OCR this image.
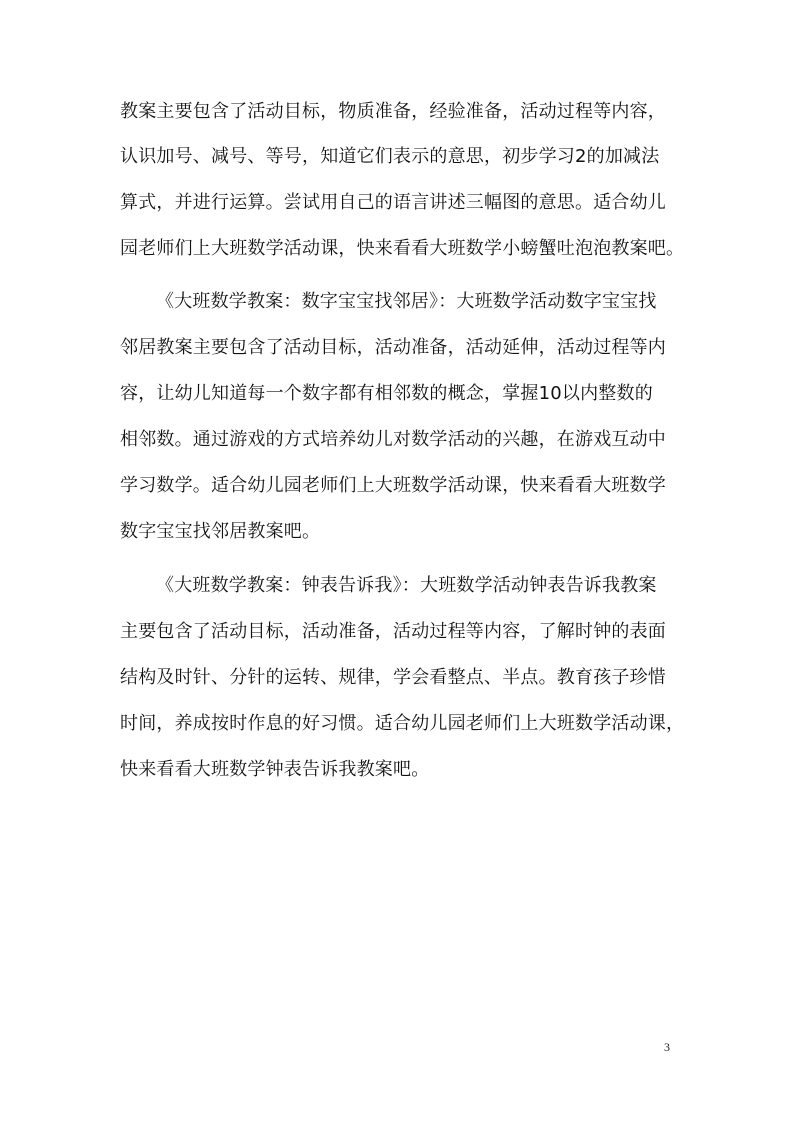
教案主要包含了活动目标，物质准备，经验准备，活动过程等内容，
认识加号、减号、等号，知道它们表示的意思，初步学习2的加减法
算式，并进行运算。尝试用自己的语言讲述三幅图的意思。适合幼儿
园老师们上大班数学活动课，快来看看大班数学小螃蟹吐泡泡教案吧。
《大班数学教案：数字宝宝找邻居》：大班数学活动数字宝宝找
邻居教案主要包含了活动目标，活动准备，活动延伸，活动过程等内
容，让幼儿知道每一个数字都有相邻数的概念，掌握10以内整数的
相邻数。通过游戏的方式培养幼儿对数学活动的兴趣，在游戏互动中
学习数学。适合幼儿园老师们上大班数学活动课，快来看看大班数学
数字宝宝找邻居教案吧。
《大班数学教案：钟表告诉我》：大班数学活动钟表告诉我教案
主要包含了活动目标，活动准备，活动过程等内容，了解时钟的表面
结构及时针、分针的运转、规律，学会看整点、半点。教育孩子珍惜
时间，养成按时作息的好习惯。适合幼儿园老师们上大班数学活动课，
快来看看大班数学钟表告诉我教案吧。
3
